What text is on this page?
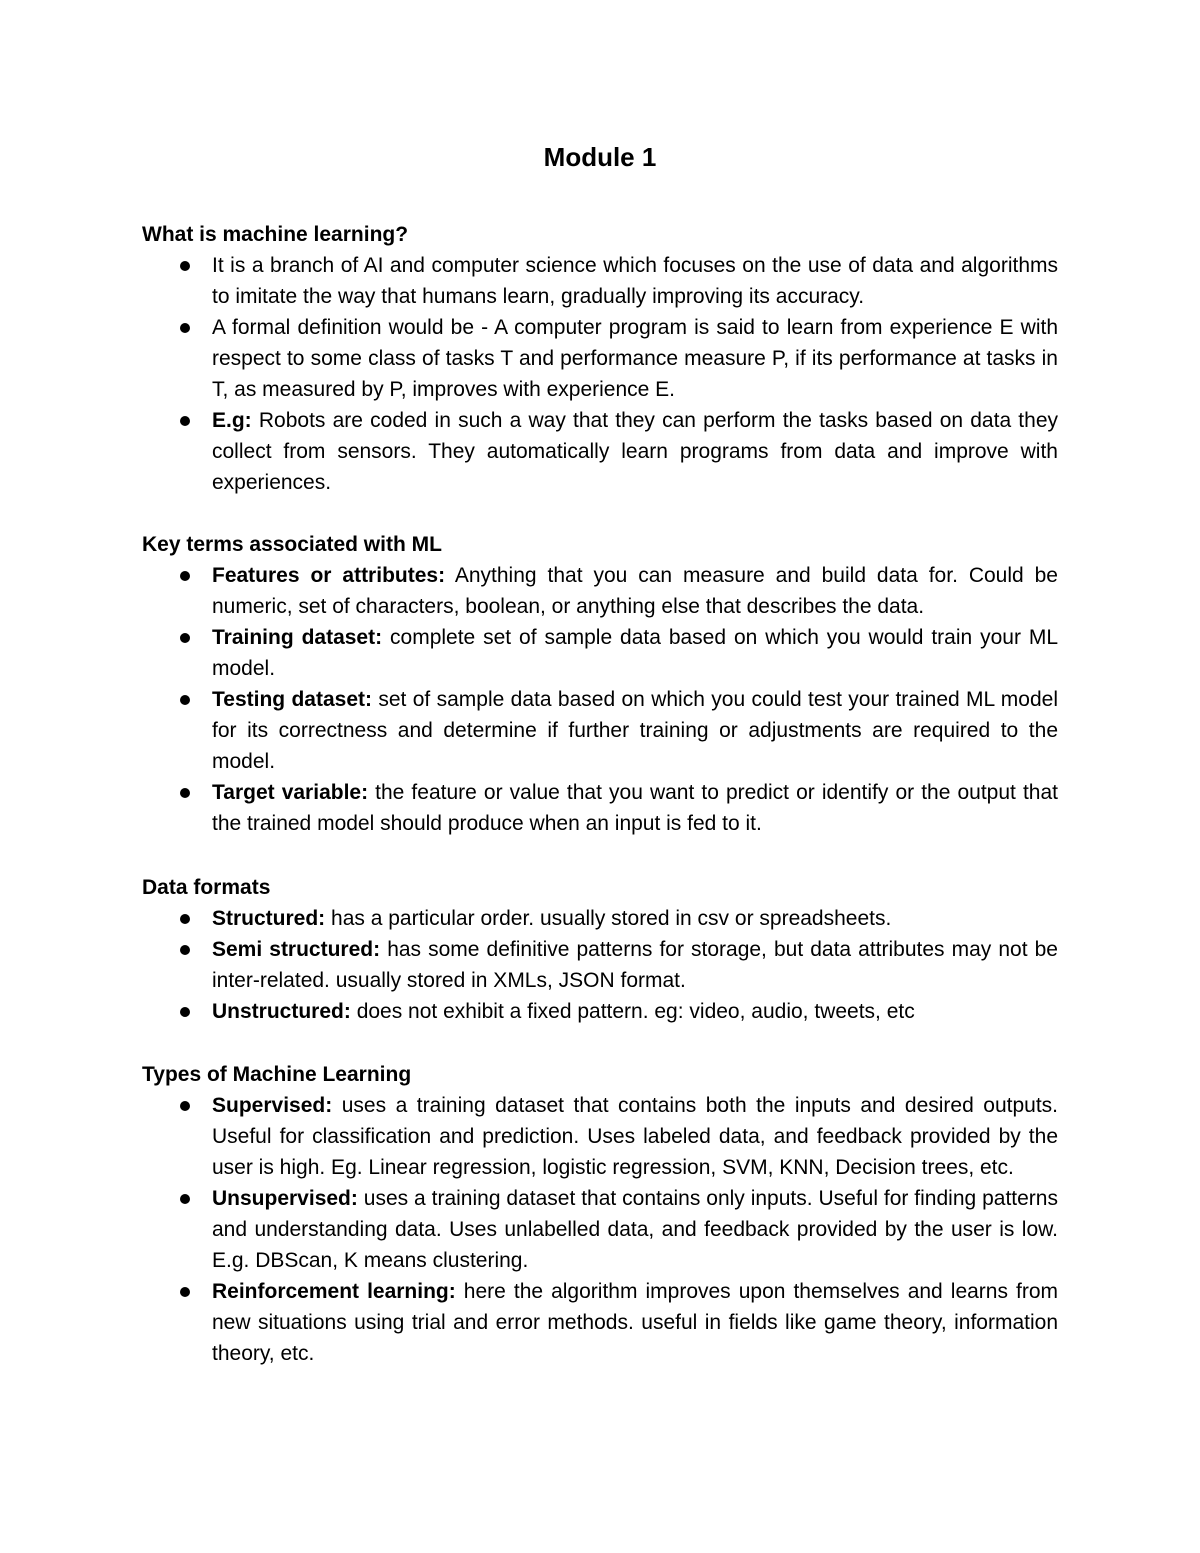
Module 1
What is machine learning?
It is a branch of AI and computer science which focuses on the use of data and algorithms to imitate the way that humans learn, gradually improving its accuracy.
A formal definition would be - A computer program is said to learn from experience E with respect to some class of tasks T and performance measure P, if its performance at tasks in T, as measured by P, improves with experience E.
E.g: Robots are coded in such a way that they can perform the tasks based on data they collect from sensors. They automatically learn programs from data and improve with experiences.
Key terms associated with ML
Features or attributes: Anything that you can measure and build data for. Could be numeric, set of characters, boolean, or anything else that describes the data.
Training dataset: complete set of sample data based on which you would train your ML model.
Testing dataset: set of sample data based on which you could test your trained ML model for its correctness and determine if further training or adjustments are required to the model.
Target variable: the feature or value that you want to predict or identify or the output that the trained model should produce when an input is fed to it.
Data formats
Structured: has a particular order. usually stored in csv or spreadsheets.
Semi structured: has some definitive patterns for storage, but data attributes may not be inter-related. usually stored in XMLs, JSON format.
Unstructured: does not exhibit a fixed pattern. eg: video, audio, tweets, etc
Types of Machine Learning
Supervised: uses a training dataset that contains both the inputs and desired outputs. Useful for classification and prediction. Uses labeled data, and feedback provided by the user is high. Eg. Linear regression, logistic regression, SVM, KNN, Decision trees, etc.
Unsupervised: uses a training dataset that contains only inputs. Useful for finding patterns and understanding data. Uses unlabelled data, and feedback provided by the user is low. E.g. DBScan, K means clustering.
Reinforcement learning: here the algorithm improves upon themselves and learns from new situations using trial and error methods. useful in fields like game theory, information theory, etc.
